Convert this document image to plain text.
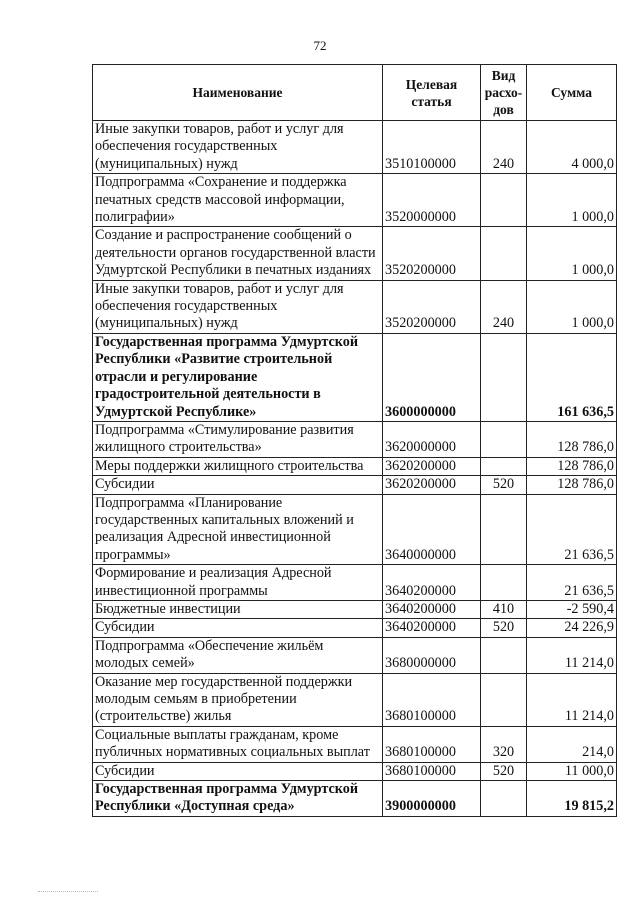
72
Наименование	Целевая статья	Вид расхо-дов	Сумма
Иные закупки товаров, работ и услуг для обеспечения государственных (муниципальных) нужд	3510100000	240	4 000,0
Подпрограмма «Сохранение и поддержка печатных средств массовой информации, полиграфии»	3520000000		1 000,0
Создание и распространение сообщений о деятельности органов государственной власти Удмуртской Республики в печатных изданиях	3520200000		1 000,0
Иные закупки товаров, работ и услуг для обеспечения государственных (муниципальных) нужд	3520200000	240	1 000,0
Государственная программа Удмуртской Республики «Развитие строительной отрасли и регулирование градостроительной деятельности в Удмуртской Республике»	3600000000		161 636,5
Подпрограмма «Стимулирование развития жилищного строительства»	3620000000		128 786,0
Меры поддержки жилищного строительства	3620200000		128 786,0
Субсидии	3620200000	520	128 786,0
Подпрограмма «Планирование государственных капитальных вложений и реализация Адресной инвестиционной программы»	3640000000		21 636,5
Формирование и реализация Адресной инвестиционной программы	3640200000		21 636,5
Бюджетные инвестиции	3640200000	410	-2 590,4
Субсидии	3640200000	520	24 226,9
Подпрограмма «Обеспечение жильём молодых семей»	3680000000		11 214,0
Оказание мер государственной поддержки молодым семьям в приобретении (строительстве) жилья	3680100000		11 214,0
Социальные выплаты гражданам, кроме публичных нормативных социальных выплат	3680100000	320	214,0
Субсидии	3680100000	520	11 000,0
Государственная программа Удмуртской Республики «Доступная среда»	3900000000		19 815,2
